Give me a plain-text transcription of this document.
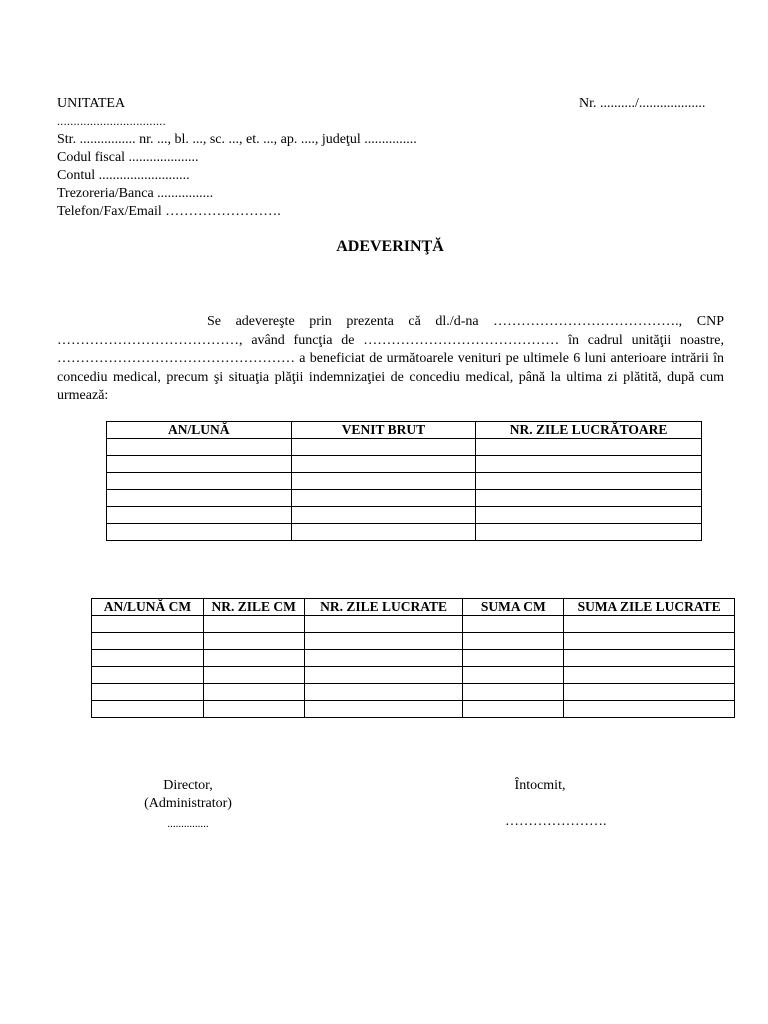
UNITATEA	Nr. ........../...................
.................................
Str. ................ nr. ..., bl. ..., sc. ..., et. ..., ap. ...., judeţul ...............
Codul fiscal ....................
Contul ..........................
Trezoreria/Banca ................
Telefon/Fax/Email …………………….
ADEVERINŢĂ
Se adevereşte prin prezenta că dl./d-na …………………………………., CNP …………………………………, având funcţia de …………………………………… în cadrul unităţii noastre, …………………………………………… a beneficiat de următoarele venituri pe ultimele 6 luni anterioare intrării în concediu medical, precum şi situaţia plăţii indemnizaţiei de concediu medical, până la ultima zi plătită, după cum urmează:
AN/LUNĂ	VENIT BRUT	NR. ZILE LUCRĂTOARE

AN/LUNĂ CM	NR. ZILE CM	NR. ZILE LUCRATE	SUMA CM	SUMA ZILE LUCRATE

Director,
(Administrator)
...............
Întocmit,
………………….
